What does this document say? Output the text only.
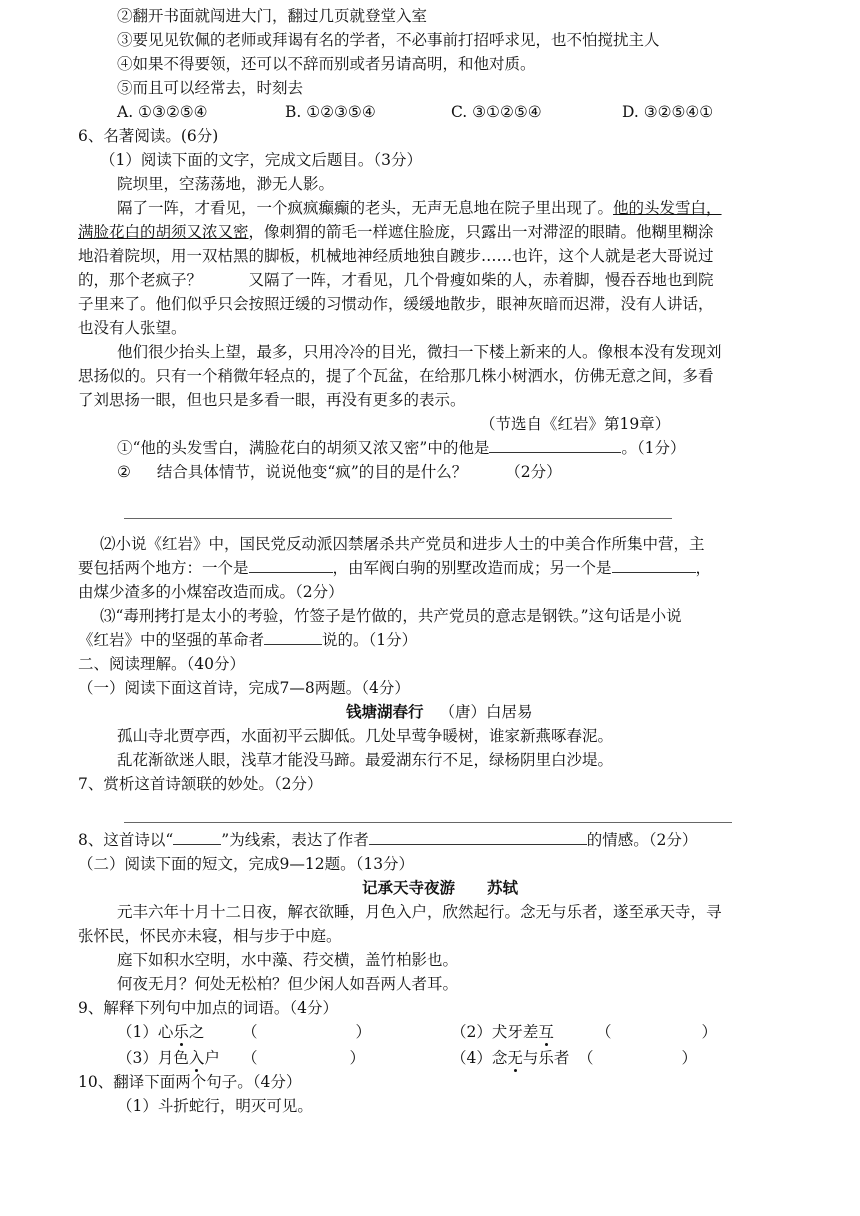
②翻开书面就闯进大门，翻过几页就登堂入室
③要见见钦佩的老师或拜谒有名的学者，不必事前打招呼求见，也不怕搅扰主人
④如果不得要领，还可以不辞而别或者另请高明，和他对质。
⑤而且可以经常去，时刻去
A. ①③②⑤④	B. ①②③⑤④	C. ③①②⑤④	D. ③②⑤④①
6、名著阅读。(6分)
（1）阅读下面的文字，完成文后题目。（3分）
院坝里，空荡荡地，渺无人影。
隔了一阵，才看见，一个疯疯癫癫的老头，无声无息地在院子里出现了。他的头发雪白，
满脸花白的胡须又浓又密，像刺猬的箭毛一样遮住脸庞，只露出一对滞涩的眼睛。他糊里糊涂
地沿着院坝，用一双枯黑的脚板，机械地神经质地独自踱步……也许，这个人就是老大哥说过
的，那个老疯子？　　　又隔了一阵，才看见，几个骨瘦如柴的人，赤着脚，慢吞吞地也到院
子里来了。他们似乎只会按照迂缓的习惯动作，缓缓地散步，眼神灰暗而迟滞，没有人讲话，
也没有人张望。
他们很少抬头上望，最多，只用冷冷的目光，微扫一下楼上新来的人。像根本没有发现刘
思扬似的。只有一个稍微年轻点的，提了个瓦盆，在给那几株小树洒水，仿佛无意之间，多看
了刘思扬一眼，但也只是多看一眼，再没有更多的表示。
（节选自《红岩》第19章）
①“他的头发雪白，满脸花白的胡须又浓又密”中的他是	。（1分）
② 结合具体情节，说说他变“疯”的目的是什么？ （2分）
⑵小说《红岩》中，国民党反动派囚禁屠杀共产党员和进步人士的中美合作所集中营，主
要包括两个地方：一个是	，由军阀白驹的别墅改造而成；另一个是	，
由煤少渣多的小煤窑改造而成。（2分）
⑶“毒刑拷打是太小的考验，竹签子是竹做的，共产党员的意志是钢铁。”这句话是小说
《红岩》中的坚强的革命者	说的。（1分）
二、阅读理解。（40分）
（一）阅读下面这首诗，完成7—8两题。（4分）
钱塘湖春行 （唐）白居易
孤山寺北贾亭西，水面初平云脚低。几处早莺争暖树，谁家新燕啄春泥。
乱花渐欲迷人眼，浅草才能没马蹄。最爱湖东行不足，绿杨阴里白沙堤。
7、赏析这首诗颔联的妙处。（2分）
8、这首诗以“	”为线索，表达了作者	的情感。（2分）
（二）阅读下面的短文，完成9—12题。（13分）
记承天寺夜游 苏轼
元丰六年十月十二日夜，解衣欲睡，月色入户，欣然起行。念无与乐者，遂至承天寺，寻
张怀民，怀民亦未寝，相与步于中庭。
庭下如积水空明，水中藻、荇交横，盖竹柏影也。
何夜无月？何处无松柏？但少闲人如吾两人者耳。
9、解释下列句中加点的词语。（4分）
（1）心乐之 （	）	（2）犬牙差互	（	）
（3）月色入户 （	）	（4）念无与乐者 （	）
10、翻译下面两个句子。（4分）
（1）斗折蛇行，明灭可见。
